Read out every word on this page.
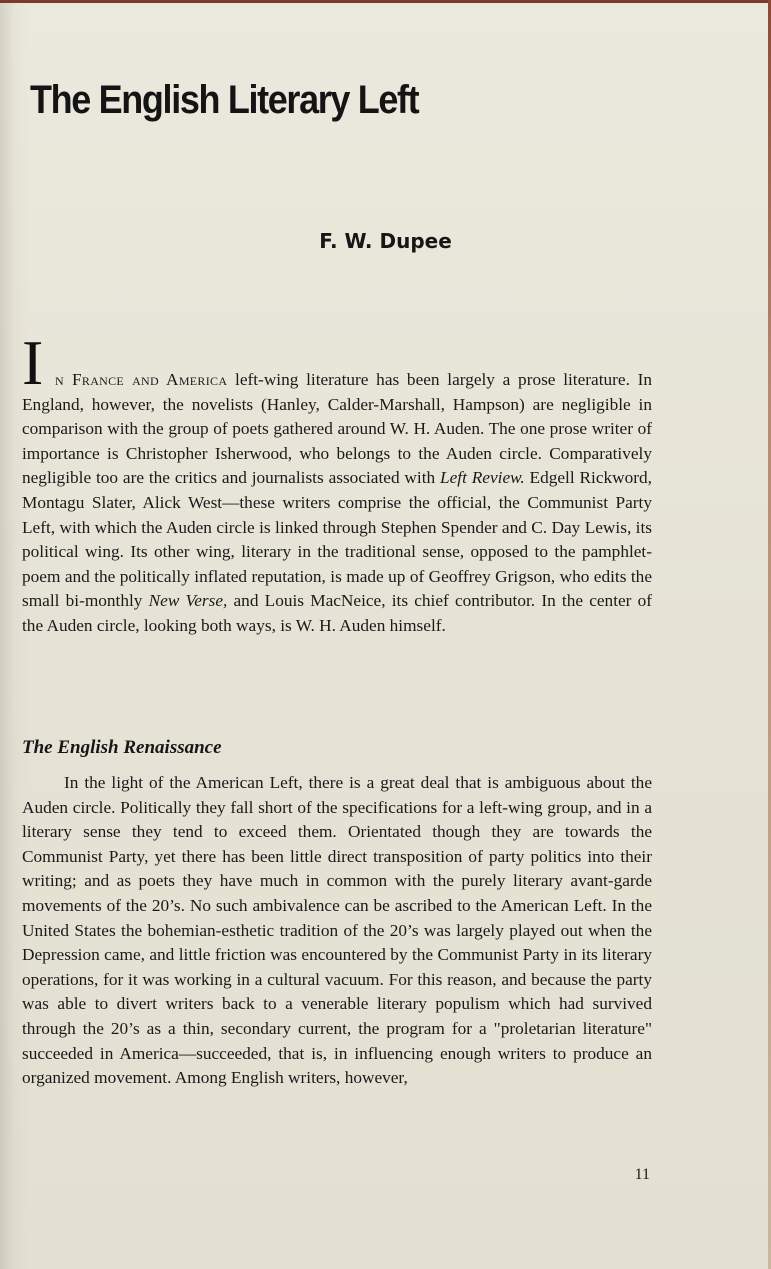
The English Literary Left

F. W. Dupee

I n France and America left-wing literature has been largely a prose literature. In England, however, the novelists (Hanley, Calder-Marshall, Hampson) are negligible in comparison with the group of poets gathered around W. H. Auden. The one prose writer of importance is Christopher Isherwood, who belongs to the Auden circle. Comparatively negligible too are the critics and journalists associated with Left Review. Edgell Rickword, Montagu Slater, Alick West—these writers comprise the official, the Communist Party Left, with which the Auden circle is linked through Stephen Spender and C. Day Lewis, its political wing. Its other wing, literary in the traditional sense, opposed to the pamphlet-poem and the politically inflated reputation, is made up of Geoffrey Grigson, who edits the small bi-monthly New Verse, and Louis MacNeice, its chief contributor. In the center of the Auden circle, looking both ways, is W. H. Auden himself.

The English Renaissance

In the light of the American Left, there is a great deal that is ambiguous about the Auden circle. Politically they fall short of the specifications for a left-wing group, and in a literary sense they tend to exceed them. Orientated though they are towards the Communist Party, yet there has been little direct transposition of party politics into their writing; and as poets they have much in common with the purely literary avant-garde movements of the 20’s. No such ambivalence can be ascribed to the American Left. In the United States the bohemian-esthetic tradition of the 20’s was largely played out when the Depression came, and little friction was encountered by the Communist Party in its literary operations, for it was working in a cultural vacuum. For this reason, and because the party was able to divert writers back to a venerable literary populism which had survived through the 20’s as a thin, secondary current, the program for a "proletarian literature" succeeded in America—succeeded, that is, in influencing enough writers to produce an organized movement. Among English writers, however,

11
